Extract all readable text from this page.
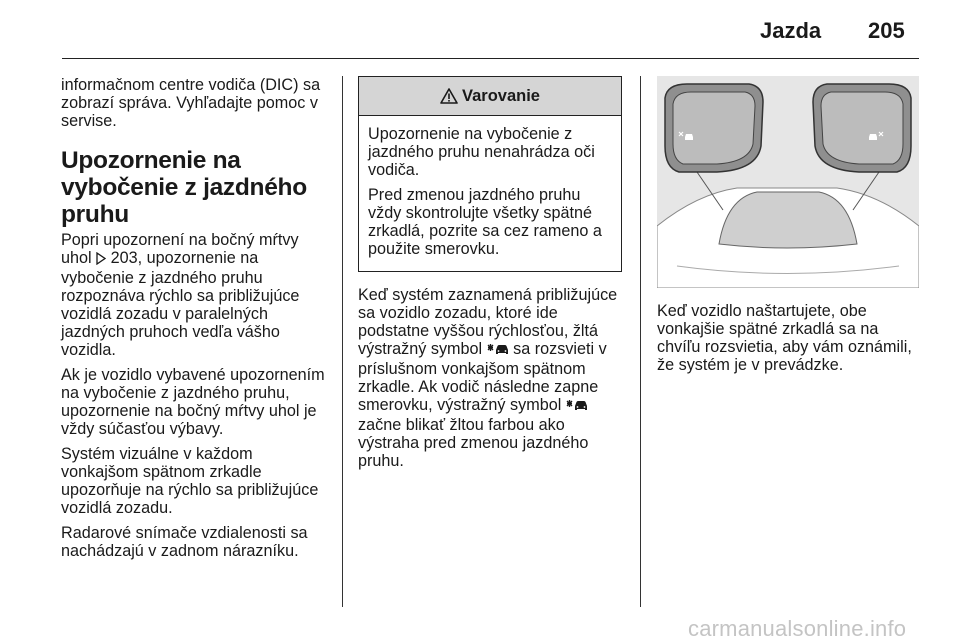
Jazda	205

informačnom centre vodiča (DIC) sa zobrazí správa. Vyhľadajte pomoc v servise.

Upozornenie na vybočenie z jazdného pruhu

Popri upozornení na bočný mŕtvy uhol 203, upozornenie na vybočenie z jazdného pruhu rozpoznáva rýchlo sa približujúce vozidlá zozadu v paralelných jazdných pruhoch vedľa vášho vozidla.

Ak je vozidlo vybavené upozornením na vybočenie z jazdného pruhu, upozornenie na bočný mŕtvy uhol je vždy súčasťou výbavy.

Systém vizuálne v každom vonkajšom spätnom zrkadle upozorňuje na rýchlo sa približujúce vozidlá zozadu.

Radarové snímače vzdialenosti sa nachádzajú v zadnom nárazníku.

Varovanie

Upozornenie na vybočenie z jazdného pruhu nenahrádza oči vodiča.

Pred zmenou jazdného pruhu vždy skontrolujte všetky spätné zrkadlá, pozrite sa cez rameno a použite smerovku.

Keď systém zaznamená približujúce sa vozidlo zozadu, ktoré ide podstatne vyššou rýchlosťou, žltá výstražný symbol sa rozsvieti v príslušnom vonkajšom spätnom zrkadle. Ak vodič následne zapne smerovku, výstražný symbol  začne blikať žltou farbou ako výstraha pred zmenou jazdného pruhu.

Keď vozidlo naštartujete, obe vonkajšie spätné zrkadlá sa na chvíľu rozsvietia, aby vám oznámili, že systém je v prevádzke.

carmanualsonline.info
